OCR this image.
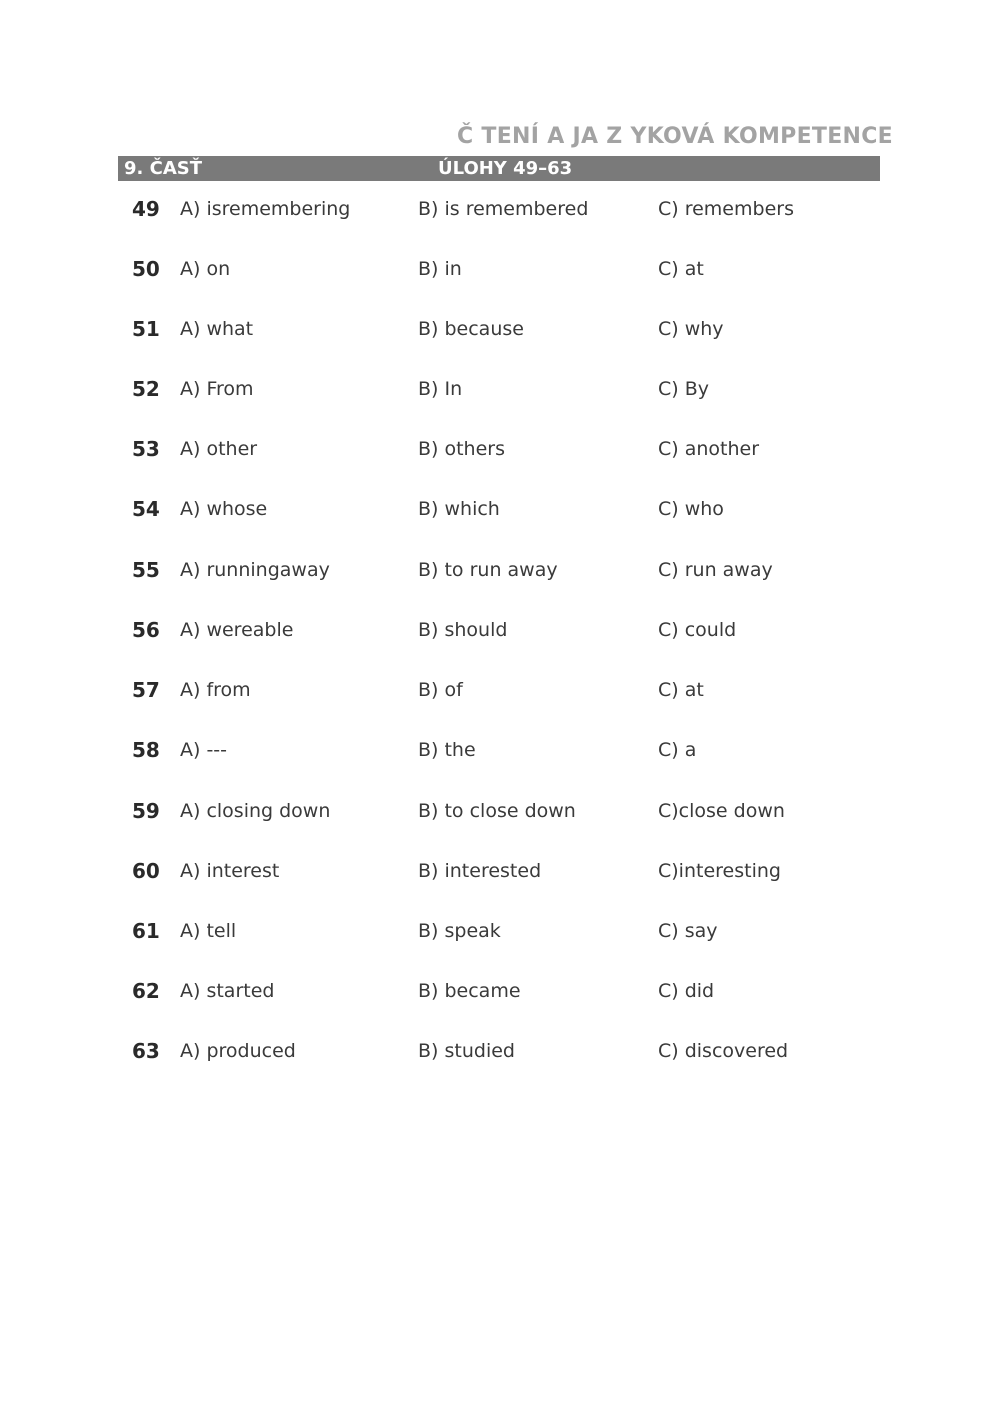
Č TENÍ A JA Z YKOVÁ KOMPETENCE
9. ČASŤ	ÚLOHY 49–63
49 A) isremembering	B) is remembered	C) remembers
50 A) on	B) in	C) at
51 A) what	B) because	C) why
52 A) From	B) In	C) By
53 A) other	B) others	C) another
54 A) whose	B) which	C) who
55 A) runningaway	B) to run away	C) run away
56 A) wereable	B) should	C) could
57 A) from	B) of	C) at
58 A) ---	B) the	C) a
59 A) closing down	B) to close down	C)close down
60 A) interest	B) interested	C)interesting
61 A) tell	B) speak	C) say
62 A) started	B) became	C) did
63 A) produced	B) studied	C) discovered
